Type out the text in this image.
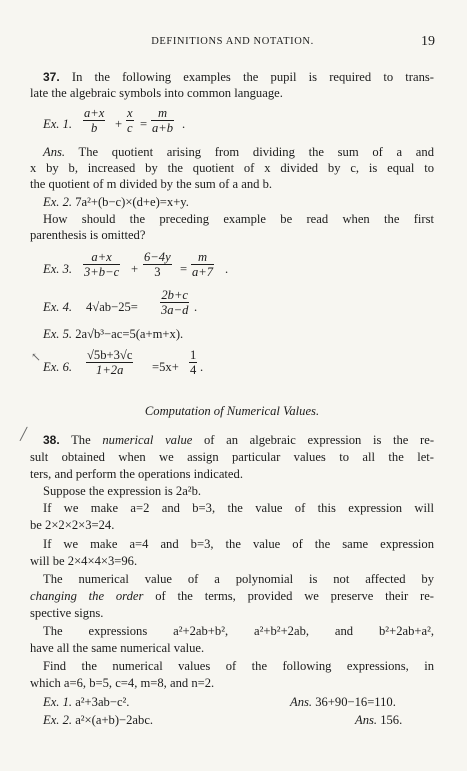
DEFINITIONS AND NOTATION.	19
37. In the following examples the pupil is required to trans-
late the algebraic symbols into common language.
Ex. 1. $\frac{a+x}{b} + \frac{x}{c} = \frac{m}{a+b}$ .
Ans. The quotient arising from dividing the sum of a and
x by b, increased by the quotient of x divided by c, is equal to
the quotient of m divided by the sum of a and b.
Ex. 2. 7a²+(b−c)×(d+e)=x+y.
How should the preceding example be read when the first
parenthesis is omitted?
Ex. 3. $\frac{a+x}{3+b-c} + \frac{6-4y}{3} = \frac{m}{a+7}$ .
Ex. 4. $4√ab-25= \frac{2b+c}{3a-d}$ .
Ex. 5. 2a√b³−ac=5(a+m+x).
↖
Ex. 6. $\frac{√5b+3√c}{1+2a} =5x+ \frac{1}{4}$ .
Computation of Numerical Values.
╱ 38. The numerical value of an algebraic expression is the re-
sult obtained when we assign particular values to all the let-
ters, and perform the operations indicated.
Suppose the expression is 2a²b.
If we make a=2 and b=3, the value of this expression will
be 2×2×2×3=24.
If we make a=4 and b=3, the value of the same expression
will be 2×4×4×3=96.
The numerical value of a polynomial is not affected by
changing the order of the terms, provided we preserve their re-
spective signs.
The expressions a²+2ab+b², a²+b²+2ab, and b²+2ab+a²,
have all the same numerical value.
Find the numerical values of the following expressions, in
which a=6, b=5, c=4, m=8, and n=2.
Ex. 1. a²+3ab−c².	Ans. 36+90−16=110.
Ex. 2. a²×(a+b)−2abc.	Ans. 156.
